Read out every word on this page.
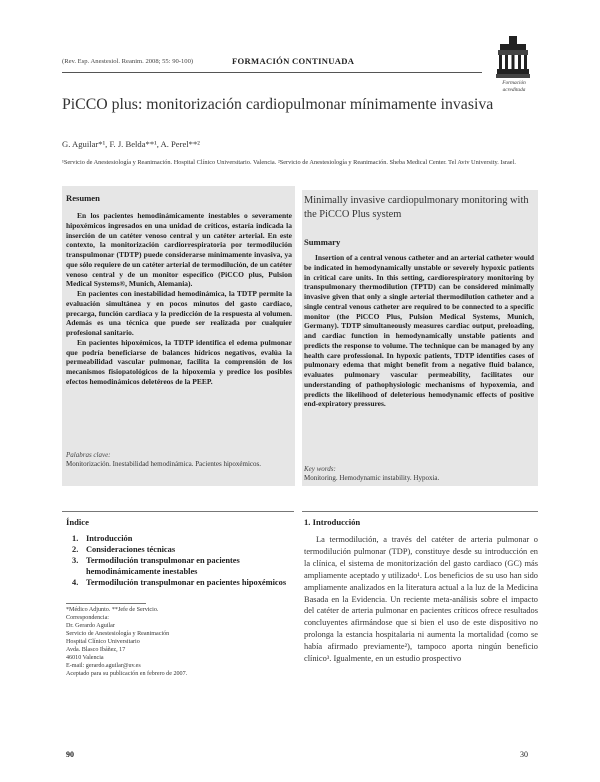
(Rev. Esp. Anestesiol. Reanim. 2008; 55: 90-100)	FORMACIÓN CONTINUADA
Formación acreditada
PiCCO plus: monitorización cardiopulmonar mínimamente invasiva
G. Aguilar*¹, F. J. Belda**¹, A. Perel**²
¹Servicio de Anestesiología y Reanimación. Hospital Clínico Universitario. Valencia. ²Servicio de Anestesiología y Reanimación. Sheba Medical Center. Tel Aviv University. Israel.
Resumen

En los pacientes hemodinámicamente inestables o severamente hipoxémicos ingresados en una unidad de críticos, estaría indicada la inserción de un catéter venoso central y un catéter arterial. En este contexto, la monitorización cardiorrespiratoria por termodilución transpulmonar (TDTP) puede considerarse mínimamente invasiva, ya que sólo requiere de un catéter arterial de termodilución, de un catéter venoso central y de un monitor específico (PiCCO plus, Pulsion Medical Systems®, Munich, Alemania).

En pacientes con inestabilidad hemodinámica, la TDTP permite la evaluación simultánea y en pocos minutos del gasto cardiaco, precarga, función cardiaca y la predicción de la respuesta al volumen. Además es una técnica que puede ser realizada por cualquier profesional sanitario.

En pacientes hipoxémicos, la TDTP identifica el edema pulmonar que podría beneficiarse de balances hídricos negativos, evalúa la permeabilidad vascular pulmonar, facilita la comprensión de los mecanismos fisiopatológicos de la hipoxemia y predice los posibles efectos hemodinámicos deletéreos de la PEEP.

Palabras clave:
Monitorización. Inestabilidad hemodinámica. Pacientes hipoxémicos.
Minimally invasive cardiopulmonary monitoring with the PiCCO Plus system
Summary

Insertion of a central venous catheter and an arterial catheter would be indicated in hemodynamically unstable or severely hypoxic patients in critical care units. In this setting, cardiorespiratory monitoring by transpulmonary thermodilution (TPTD) can be considered minimally invasive given that only a single arterial thermodilution catheter and a single central venous catheter are required to be connected to a specific monitor (the PiCCO Plus, Pulsion Medical Systems, Munich, Germany). TDTP simultaneously measures cardiac output, preloading, and cardiac function in hemodynamically unstable patients and predicts the response to volume. The technique can be managed by any health care professional. In hypoxic patients, TDTP identifies cases of pulmonary edema that might benefit from a negative fluid balance, evaluates pulmonary vascular permeability, facilitates our understanding of pathophysiologic mechanisms of hypoxemia, and predicts the likelihood of deleterious hemodynamic effects of positive end-expiratory pressures.

Key words:
Monitoring. Hemodynamic instability. Hypoxia.
Índice
1. Introducción
2. Consideraciones técnicas
3. Termodilución transpulmonar en pacientes hemodinámicamente inestables
4. Termodilución transpulmonar en pacientes hipoxémicos
*Médico Adjunto. **Jefe de Servicio.
Correspondencia:
Dr. Gerardo Aguilar
Servicio de Anestesiología y Reanimación
Hospital Clínico Universitario
Avda. Blasco Ibáñez, 17
46010 Valencia
E-mail: gerardo.aguilar@uv.es
Aceptado para su publicación en febrero de 2007.
1. Introducción

La termodilución, a través del catéter de arteria pulmonar o termodilución pulmonar (TDP), constituye desde su introducción en la clínica, el sistema de monitorización del gasto cardiaco (GC) más ampliamente aceptado y utilizado¹. Los beneficios de su uso han sido ampliamente analizados en la literatura actual a la luz de la Medicina Basada en la Evidencia. Un reciente meta-análisis sobre el impacto del catéter de arteria pulmonar en pacientes críticos ofrece resultados concluyentes afirmándose que si bien el uso de este dispositivo no prolonga la estancia hospitalaria ni aumenta la mortalidad (como se había afirmado previamente²), tampoco aporta ningún beneficio clínico³. Igualmente, en un estudio prospectivo

90	30
